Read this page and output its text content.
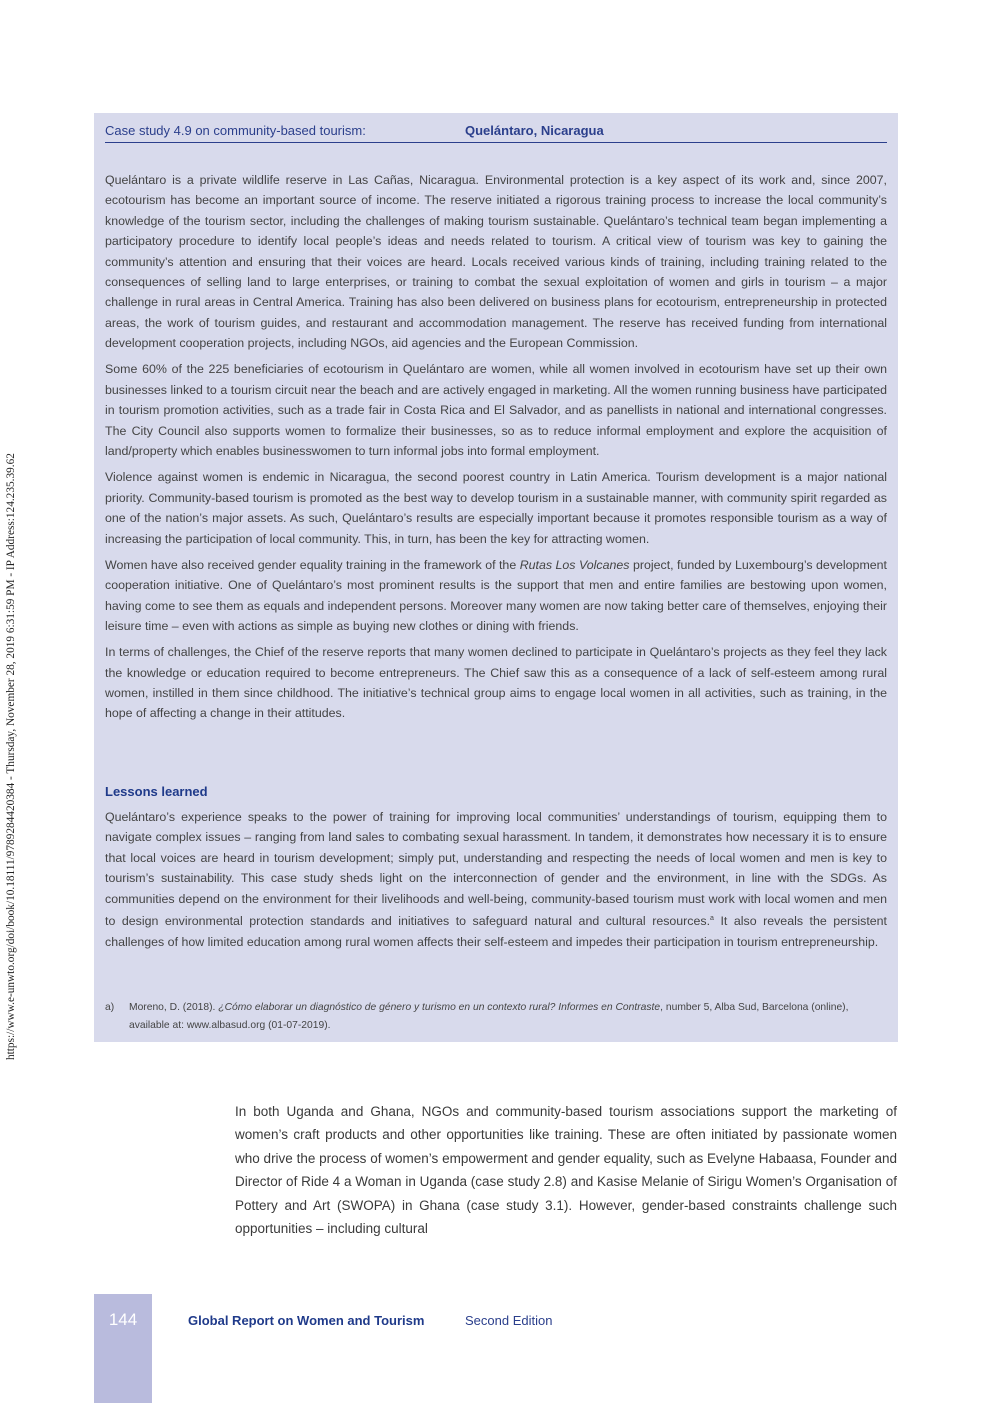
https://www.e-unwto.org/doi/book/10.18111/9789284420384 - Thursday, November 28, 2019 6:31:59 PM - IP Address:124.235.39.62
Case study 4.9 on community-based tourism:	Quelántaro, Nicaragua

Quelántaro is a private wildlife reserve in Las Cañas, Nicaragua. Environmental protection is a key aspect of its work and, since 2007, ecotourism has become an important source of income. The reserve initiated a rigorous training process to increase the local community’s knowledge of the tourism sector, including the challenges of making tourism sustainable. Quelántaro’s technical team began implementing a participatory procedure to identify local people’s ideas and needs related to tourism. A critical view of tourism was key to gaining the community’s attention and ensuring that their voices are heard. Locals received various kinds of training, including training related to the consequences of selling land to large enterprises, or training to combat the sexual exploitation of women and girls in tourism – a major challenge in rural areas in Central America. Training has also been delivered on business plans for ecotourism, entrepreneurship in protected areas, the work of tourism guides, and restaurant and accommodation management. The reserve has received funding from international development cooperation projects, including NGOs, aid agencies and the European Commission.

Some 60% of the 225 beneficiaries of ecotourism in Quelántaro are women, while all women involved in ecotourism have set up their own businesses linked to a tourism circuit near the beach and are actively engaged in marketing. All the women running business have participated in tourism promotion activities, such as a trade fair in Costa Rica and El Salvador, and as panellists in national and international congresses. The City Council also supports women to formalize their businesses, so as to reduce informal employment and explore the acquisition of land/property which enables businesswomen to turn informal jobs into formal employment.

Violence against women is endemic in Nicaragua, the second poorest country in Latin America. Tourism development is a major national priority. Community-based tourism is promoted as the best way to develop tourism in a sustainable manner, with community spirit regarded as one of the nation’s major assets. As such, Quelántaro’s results are especially important because it promotes responsible tourism as a way of increasing the participation of local community. This, in turn, has been the key for attracting women.

Women have also received gender equality training in the framework of the Rutas Los Volcanes project, funded by Luxembourg’s development cooperation initiative. One of Quelántaro’s most prominent results is the support that men and entire families are bestowing upon women, having come to see them as equals and independent persons. Moreover many women are now taking better care of themselves, enjoying their leisure time – even with actions as simple as buying new clothes or dining with friends.

In terms of challenges, the Chief of the reserve reports that many women declined to participate in Quelántaro’s projects as they feel they lack the knowledge or education required to become entrepreneurs. The Chief saw this as a consequence of a lack of self-esteem among rural women, instilled in them since childhood. The initiative’s technical group aims to engage local women in all activities, such as training, in the hope of affecting a change in their attitudes.

Lessons learned
Quelántaro’s experience speaks to the power of training for improving local communities’ understandings of tourism, equipping them to navigate complex issues – ranging from land sales to combating sexual harassment. In tandem, it demonstrates how necessary it is to ensure that local voices are heard in tourism development; simply put, understanding and respecting the needs of local women and men is key to tourism’s sustainability. This case study sheds light on the interconnection of gender and the environment, in line with the SDGs. As communities depend on the environment for their livelihoods and well-being, community-based tourism must work with local women and men to design environmental protection standards and initiatives to safeguard natural and cultural resources.$^a$ It also reveals the persistent challenges of how limited education among rural women affects their self-esteem and impedes their participation in tourism entrepreneurship.
a) Moreno, D. (2018). ¿Cómo elaborar un diagnóstico de género y turismo en un contexto rural? Informes en Contraste, number 5, Alba Sud, Barcelona (online), available at: www.albasud.org (01-07-2019).
In both Uganda and Ghana, NGOs and community-based tourism associations support the marketing of women’s craft products and other opportunities like training. These are often initiated by passionate women who drive the process of women’s empowerment and gender equality, such as Evelyne Habaasa, Founder and Director of Ride 4 a Woman in Uganda (case study 2.8) and Kasise Melanie of Sirigu Women’s Organisation of Pottery and Art (SWOPA) in Ghana (case study 3.1). However, gender-based constraints challenge such opportunities – including cultural
144	Global Report on Women and Tourism	Second Edition
